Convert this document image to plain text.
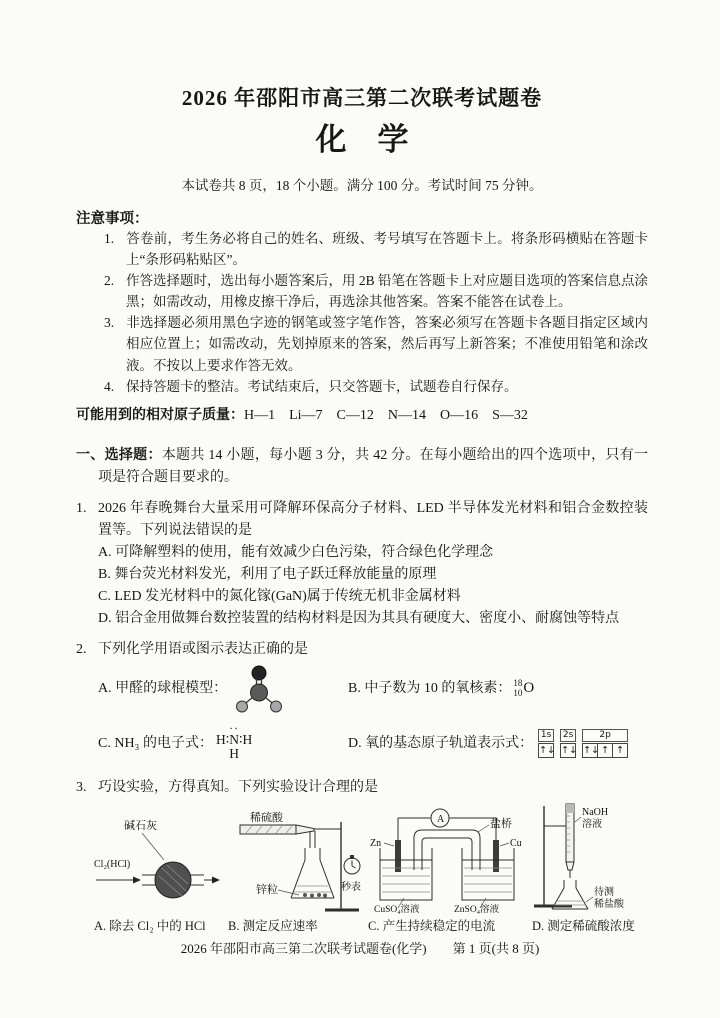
2026 年邵阳市高三第二次联考试题卷
化　学
本试卷共 8 页，18 个小题。满分 100 分。考试时间 75 分钟。
注意事项：
1. 答卷前，考生务必将自己的姓名、班级、考号填写在答题卡上。将条形码横贴在答题卡上“条形码粘贴区”。
2. 作答选择题时，选出每小题答案后，用 2B 铅笔在答题卡上对应题目选项的答案信息点涂黑；如需改动，用橡皮擦干净后，再选涂其他答案。答案不能答在试卷上。
3. 非选择题必须用黑色字迹的钢笔或签字笔作答，答案必须写在答题卡各题目指定区域内相应位置上；如需改动，先划掉原来的答案，然后再写上新答案；不准使用铅笔和涂改液。不按以上要求作答无效。
4. 保持答题卡的整洁。考试结束后，只交答题卡，试题卷自行保存。
可能用到的相对原子质量：H—1　Li—7　C—12　N—14　O—16　S—32
一、选择题：本题共 14 小题，每小题 3 分，共 42 分。在每小题给出的四个选项中，只有一项是符合题目要求的。
1. 2026 年春晚舞台大量采用可降解环保高分子材料、LED 半导体发光材料和铝合金数控装置等。下列说法错误的是
A. 可降解塑料的使用，能有效减少白色污染，符合绿色化学理念
B. 舞台荧光材料发光，利用了电子跃迁释放能量的原理
C. LED 发光材料中的氮化镓(GaN)属于传统无机非金属材料
D. 铝合金用做舞台数控装置的结构材料是因为其具有硬度大、密度小、耐腐蚀等特点
2. 下列化学用语或图示表达正确的是
A. 甲醛的球棍模型：	B. 中子数为 10 的氧核素： 18
10 O
C. NH₃ 的电子式：
··
H∶N∶H
H
D. 氧的基态原子轨道表示式：
1s
↑↓
2s
↑↓
2p
↑↓ ↑ ↑
3. 巧设实验，方得真知。下列实验设计合理的是
碱石灰
Cl₂(HCl)
A. 除去 Cl₂ 中的 HCl
稀硫酸
锌粒	秒表
B. 测定反应速率
A
Zn	Cu
盐桥
CuSO₄溶液	ZnSO₄溶液
C. 产生持续稳定的电流
NaOH
溶液
待测
稀盐酸
D. 测定稀硫酸浓度
2026 年邵阳市高三第二次联考试题卷(化学)　　第 1 页(共 8 页)
